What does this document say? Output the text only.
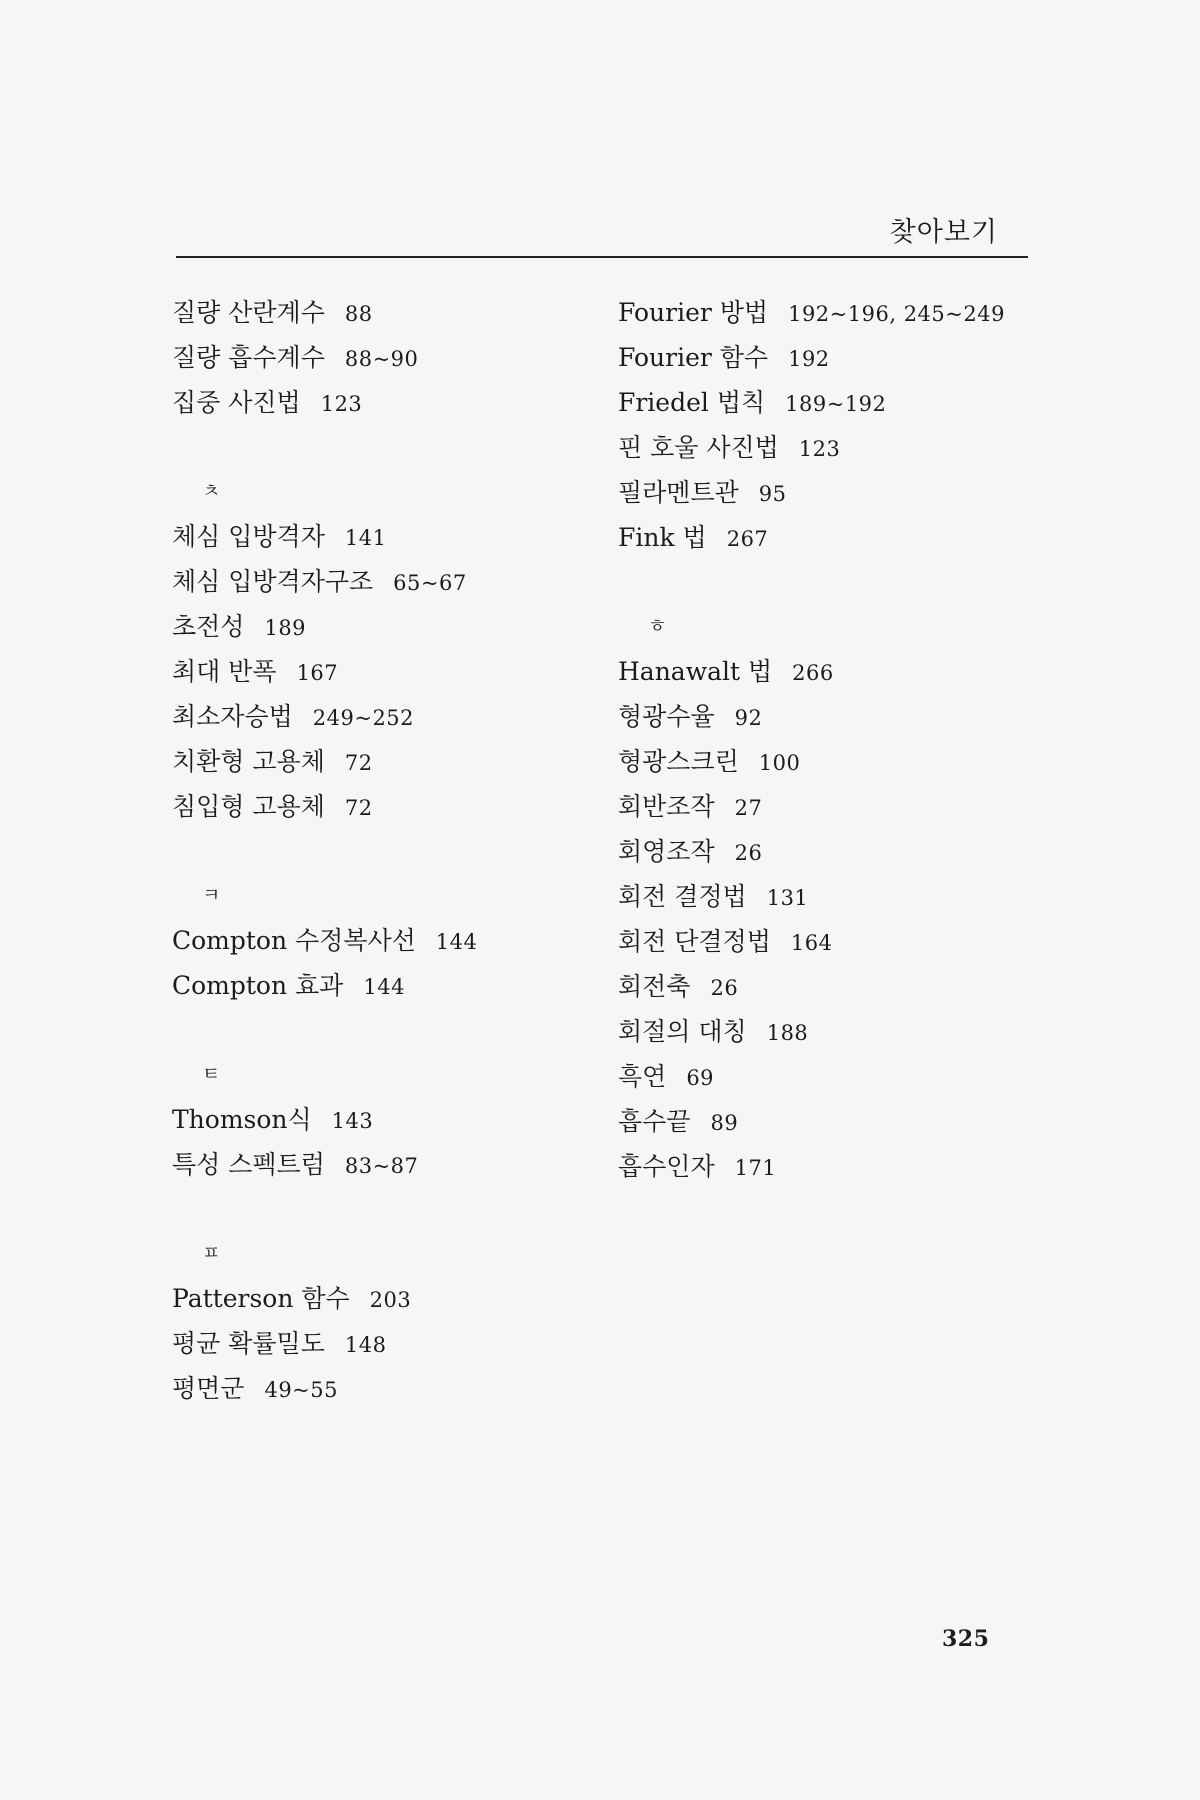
찾아보기
질량 산란계수 88
질량 흡수계수 88~90
집중 사진법 123
ㅊ
체심 입방격자 141
체심 입방격자구조 65~67
초전성 189
최대 반폭 167
최소자승법 249~252
치환형 고용체 72
침입형 고용체 72
ㅋ
Compton 수정복사선 144
Compton 효과 144
ㅌ
Thomson식 143
특성 스펙트럼 83~87
ㅍ
Patterson 함수 203
평균 확률밀도 148
평면군 49~55
Fourier 방법 192~196, 245~249
Fourier 함수 192
Friedel 법칙 189~192
핀 호울 사진법 123
필라멘트관 95
Fink 법 267
ㅎ
Hanawalt 법 266
형광수율 92
형광스크린 100
회반조작 27
회영조작 26
회전 결정법 131
회전 단결정법 164
회전축 26
회절의 대칭 188
흑연 69
흡수끝 89
흡수인자 171
325
